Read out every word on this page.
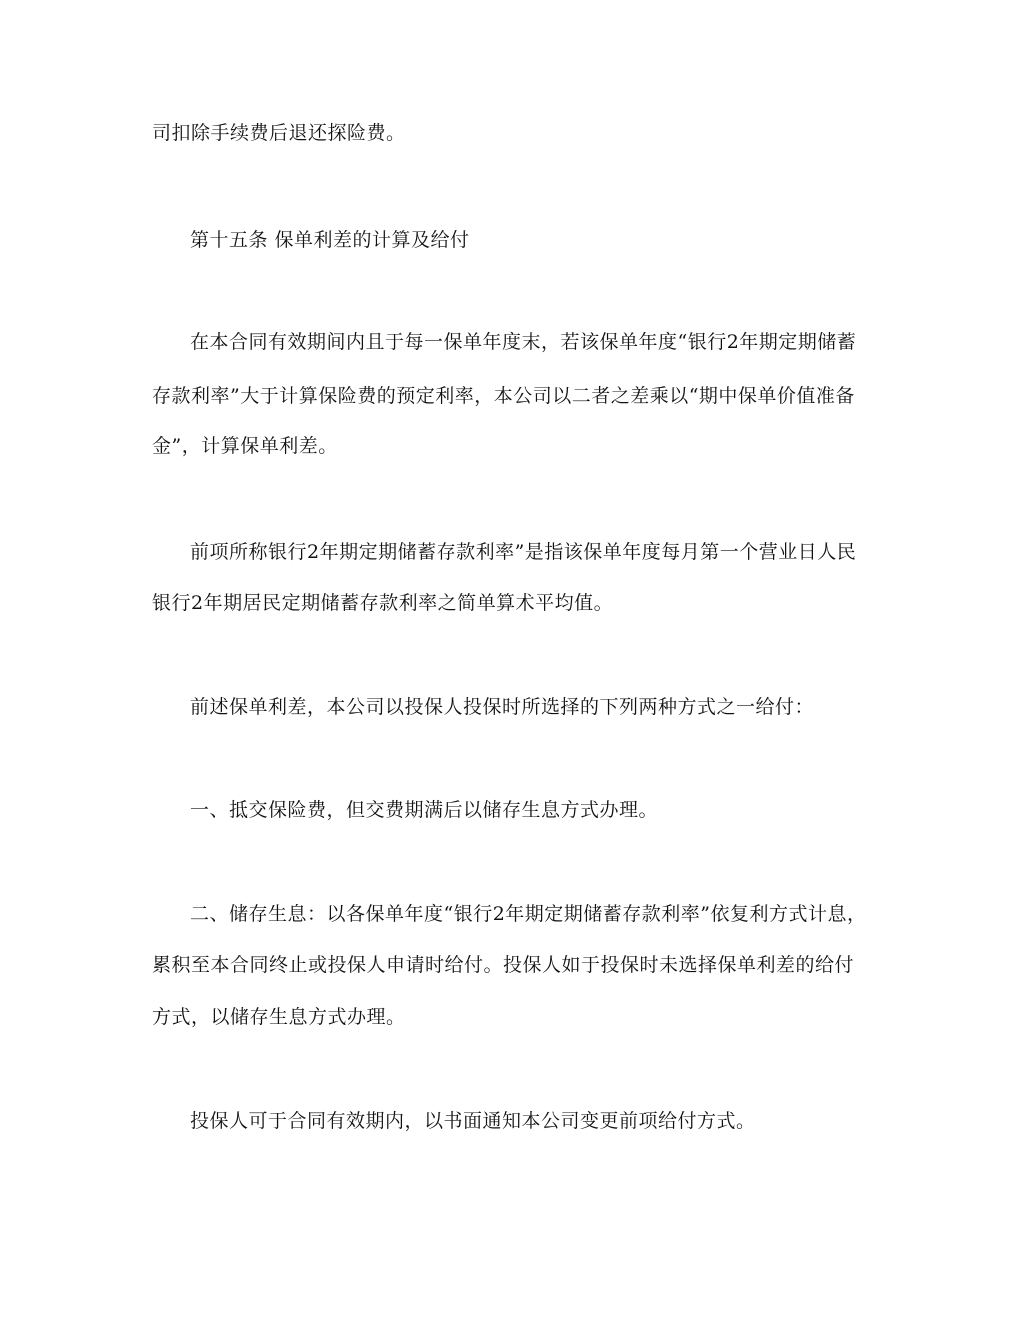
司扣除手续费后退还探险费。
第十五条 保单利差的计算及给付
在本合同有效期间内且于每一保单年度末，若该保单年度“银行2年期定期储蓄
存款利率”大于计算保险费的预定利率，本公司以二者之差乘以“期中保单价值准备
金”，计算保单利差。
前项所称银行2年期定期储蓄存款利率”是指该保单年度每月第一个营业日人民
银行2年期居民定期储蓄存款利率之简单算术平均值。
前述保单利差，本公司以投保人投保时所选择的下列两种方式之一给付：
一、抵交保险费，但交费期满后以储存生息方式办理。
二、储存生息：以各保单年度“银行2年期定期储蓄存款利率”依复利方式计息，
累积至本合同终止或投保人申请时给付。投保人如于投保时未选择保单利差的给付
方式，以储存生息方式办理。
投保人可于合同有效期内，以书面通知本公司变更前项给付方式。
